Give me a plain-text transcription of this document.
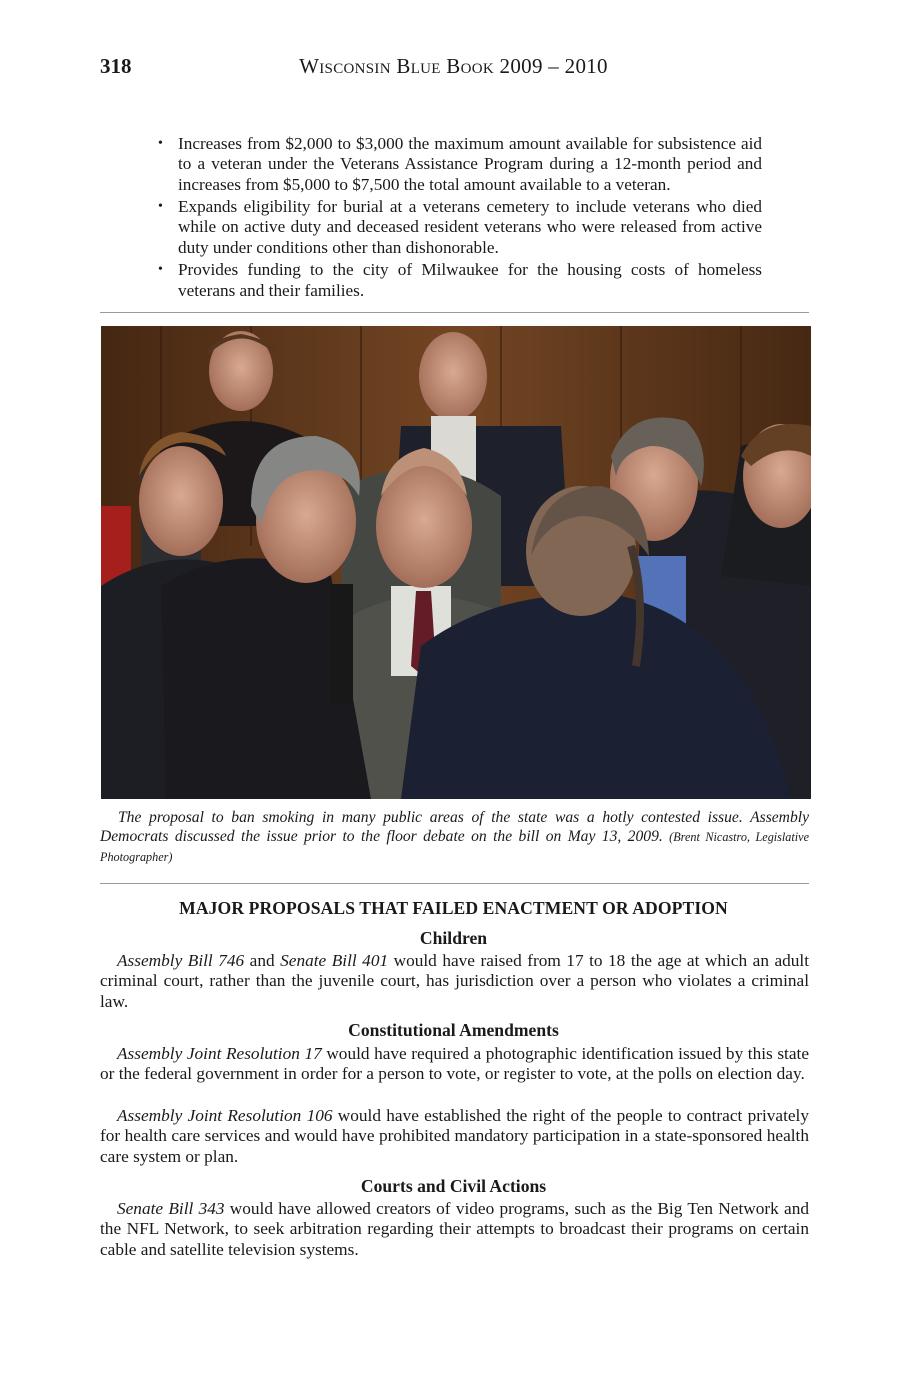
318	Wisconsin Blue Book 2009 – 2010
• Increases from $2,000 to $3,000 the maximum amount available for subsistence aid to a veteran under the Veterans Assistance Program during a 12-month period and increases from $5,000 to $7,500 the total amount available to a veteran.
• Expands eligibility for burial at a veterans cemetery to include veterans who died while on active duty and deceased resident veterans who were released from active duty under conditions other than dishonorable.
• Provides funding to the city of Milwaukee for the housing costs of homeless veterans and their families.
The proposal to ban smoking in many public areas of the state was a hotly contested issue. Assembly Democrats discussed the issue prior to the floor debate on the bill on May 13, 2009. (Brent Nicastro, Legislative Photographer)
MAJOR PROPOSALS THAT FAILED ENACTMENT OR ADOPTION
Children

Assembly Bill 746 and Senate Bill 401 would have raised from 17 to 18 the age at which an adult criminal court, rather than the juvenile court, has jurisdiction over a person who violates a criminal law.

Constitutional Amendments

Assembly Joint Resolution 17 would have required a photographic identification issued by this state or the federal government in order for a person to vote, or register to vote, at the polls on election day.

Assembly Joint Resolution 106 would have established the right of the people to contract privately for health care services and would have prohibited mandatory participation in a state-sponsored health care system or plan.

Courts and Civil Actions

Senate Bill 343 would have allowed creators of video programs, such as the Big Ten Network and the NFL Network, to seek arbitration regarding their attempts to broadcast their programs on certain cable and satellite television systems.
